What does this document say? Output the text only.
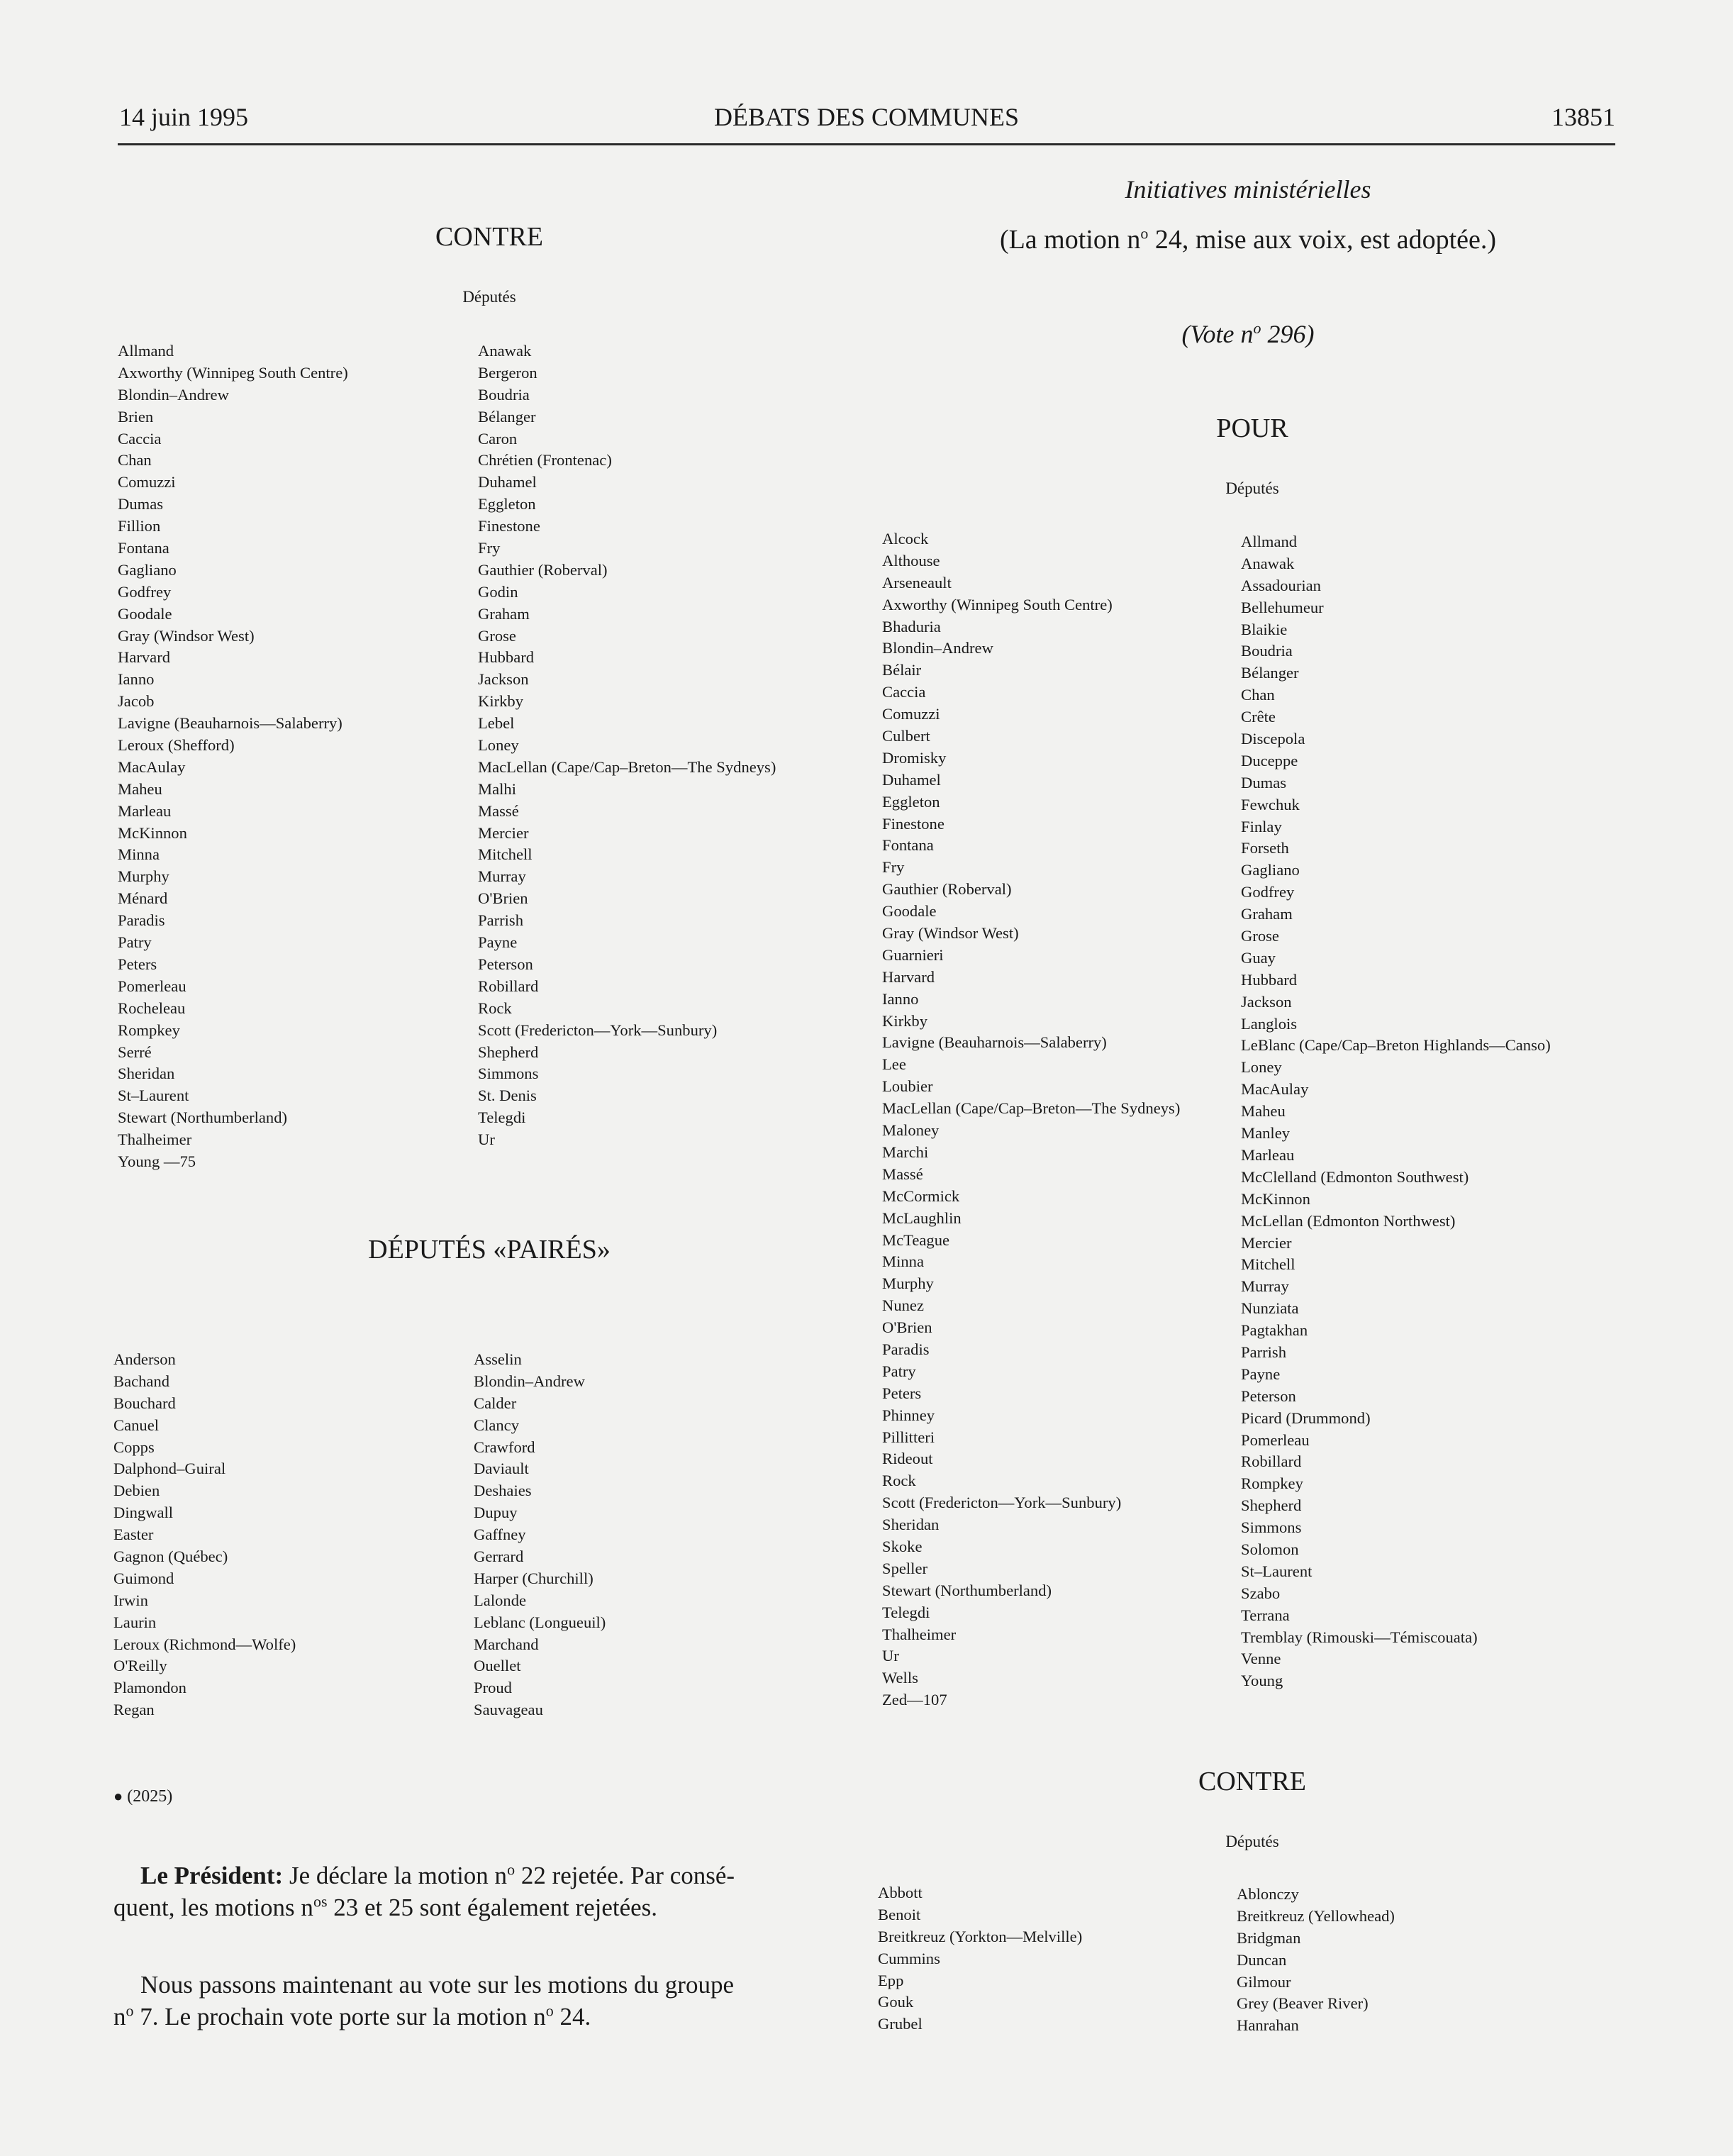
14 juin 1995	DÉBATS DES COMMUNES	13851
CONTRE
Députés
Allmand
Axworthy (Winnipeg South Centre)
Blondin–Andrew
Brien
Caccia
Chan
Comuzzi
Dumas
Fillion
Fontana
Gagliano
Godfrey
Goodale
Gray (Windsor West)
Harvard
Ianno
Jacob
Lavigne (Beauharnois—Salaberry)
Leroux (Shefford)
MacAulay
Maheu
Marleau
McKinnon
Minna
Murphy
Ménard
Paradis
Patry
Peters
Pomerleau
Rocheleau
Rompkey
Serré
Sheridan
St–Laurent
Stewart (Northumberland)
Thalheimer
Young —75
Anawak
Bergeron
Boudria
Bélanger
Caron
Chrétien (Frontenac)
Duhamel
Eggleton
Finestone
Fry
Gauthier (Roberval)
Godin
Graham
Grose
Hubbard
Jackson
Kirkby
Lebel
Loney
MacLellan (Cape/Cap–Breton—The Sydneys)
Malhi
Massé
Mercier
Mitchell
Murray
O'Brien
Parrish
Payne
Peterson
Robillard
Rock
Scott (Fredericton—York—Sunbury)
Shepherd
Simmons
St. Denis
Telegdi
Ur
DÉPUTÉS «PAIRÉS»
Anderson
Bachand
Bouchard
Canuel
Copps
Dalphond–Guiral
Debien
Dingwall
Easter
Gagnon (Québec)
Guimond
Irwin
Laurin
Leroux (Richmond—Wolfe)
O'Reilly
Plamondon
Regan
Asselin
Blondin–Andrew
Calder
Clancy
Crawford
Daviault
Deshaies
Dupuy
Gaffney
Gerrard
Harper (Churchill)
Lalonde
Leblanc (Longueuil)
Marchand
Ouellet
Proud
Sauvageau
● (2025)
Le Président: Je déclare la motion $n^o$ 22 rejetée. Par consé-
quent, les motions $n^{os}$ 23 et 25 sont également rejetées.
Nous passons maintenant au vote sur les motions du groupe
$n^o$ 7. Le prochain vote porte sur la motion $n^o$ 24.
Initiatives ministérielles
(La motion $n^o$ 24, mise aux voix, est adoptée.)
(Vote $n^o$ 296)
POUR
Députés
Alcock
Althouse
Arseneault
Axworthy (Winnipeg South Centre)
Bhaduria
Blondin–Andrew
Bélair
Caccia
Comuzzi
Culbert
Dromisky
Duhamel
Eggleton
Finestone
Fontana
Fry
Gauthier (Roberval)
Goodale
Gray (Windsor West)
Guarnieri
Harvard
Ianno
Kirkby
Lavigne (Beauharnois—Salaberry)
Lee
Loubier
MacLellan (Cape/Cap–Breton—The Sydneys)
Maloney
Marchi
Massé
McCormick
McLaughlin
McTeague
Minna
Murphy
Nunez
O'Brien
Paradis
Patry
Peters
Phinney
Pillitteri
Rideout
Rock
Scott (Fredericton—York—Sunbury)
Sheridan
Skoke
Speller
Stewart (Northumberland)
Telegdi
Thalheimer
Ur
Wells
Zed—107
Allmand
Anawak
Assadourian
Bellehumeur
Blaikie
Boudria
Bélanger
Chan
Crête
Discepola
Duceppe
Dumas
Fewchuk
Finlay
Forseth
Gagliano
Godfrey
Graham
Grose
Guay
Hubbard
Jackson
Langlois
LeBlanc (Cape/Cap–Breton Highlands—Canso)
Loney
MacAulay
Maheu
Manley
Marleau
McClelland (Edmonton Southwest)
McKinnon
McLellan (Edmonton Northwest)
Mercier
Mitchell
Murray
Nunziata
Pagtakhan
Parrish
Payne
Peterson
Picard (Drummond)
Pomerleau
Robillard
Rompkey
Shepherd
Simmons
Solomon
St–Laurent
Szabo
Terrana
Tremblay (Rimouski—Témiscouata)
Venne
Young
CONTRE
Députés
Abbott
Benoit
Breitkreuz (Yorkton—Melville)
Cummins
Epp
Gouk
Grubel
Ablonczy
Breitkreuz (Yellowhead)
Bridgman
Duncan
Gilmour
Grey (Beaver River)
Hanrahan
